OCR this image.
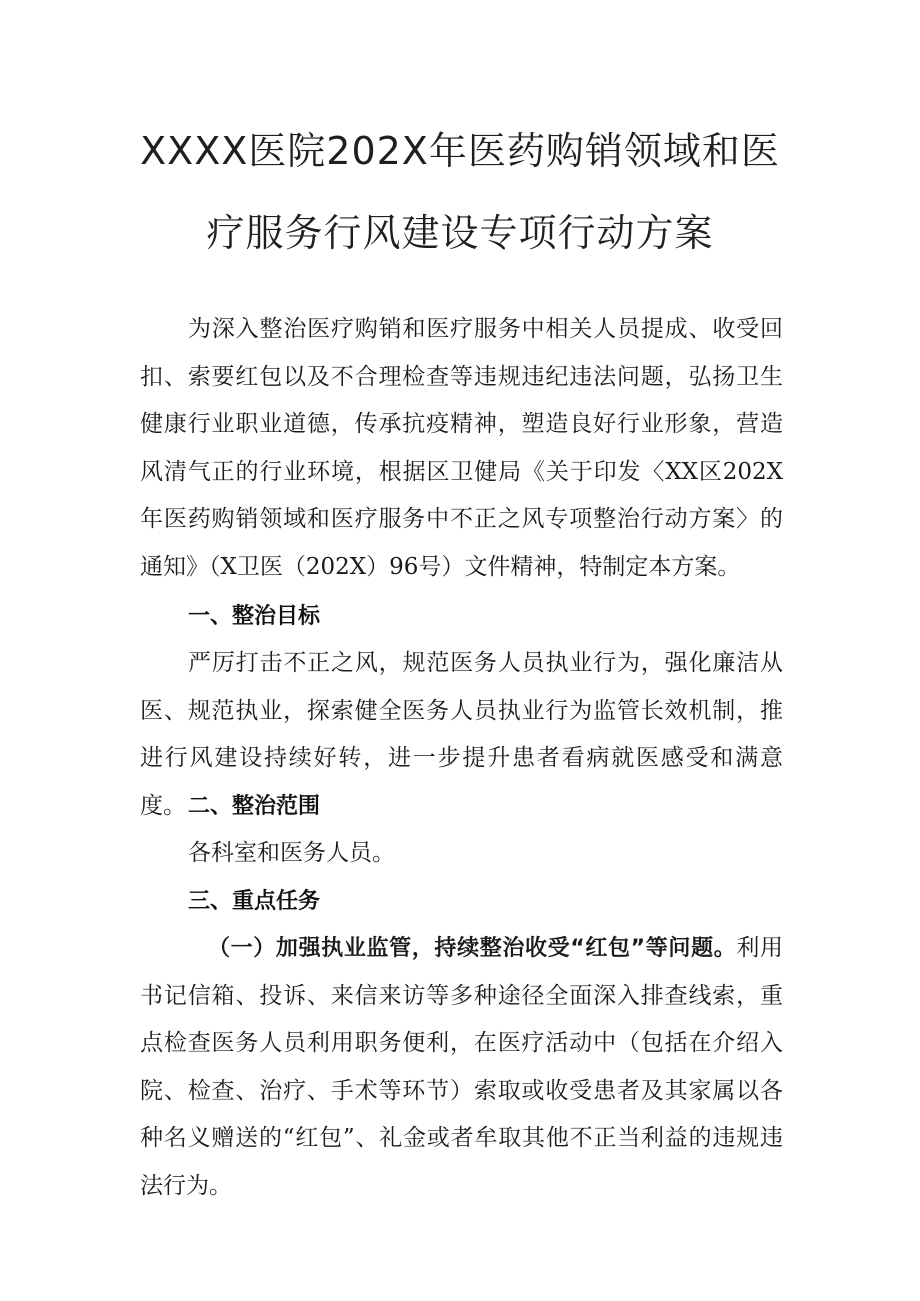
XXXX医院202X年医药购销领域和医
疗服务行风建设专项行动方案
为深入整治医疗购销和医疗服务中相关人员提成、收受回扣、索要红包以及不合理检查等违规违纪违法问题，弘扬卫生健康行业职业道德，传承抗疫精神，塑造良好行业形象，营造风清气正的行业环境，根据区卫健局《关于印发〈XX区202X年医药购销领域和医疗服务中不正之风专项整治行动方案〉的通知》（X卫医（202X）96号）文件精神，特制定本方案。
一、整治目标
严厉打击不正之风，规范医务人员执业行为，强化廉洁从医、规范执业，探索健全医务人员执业行为监管长效机制，推进行风建设持续好转，进一步提升患者看病就医感受和满意度。 二、整治范围
各科室和医务人员。
三、重点任务
（一）加强执业监管，持续整治收受“红包”等问题。利用书记信箱、投诉、来信来访等多种途径全面深入排查线索，重点检查医务人员利用职务便利，在医疗活动中（包括在介绍入院、检查、治疗、手术等环节）索取或收受患者及其家属以各种名义赠送的“红包”、礼金或者牟取其他不正当利益的违规违法行为。
